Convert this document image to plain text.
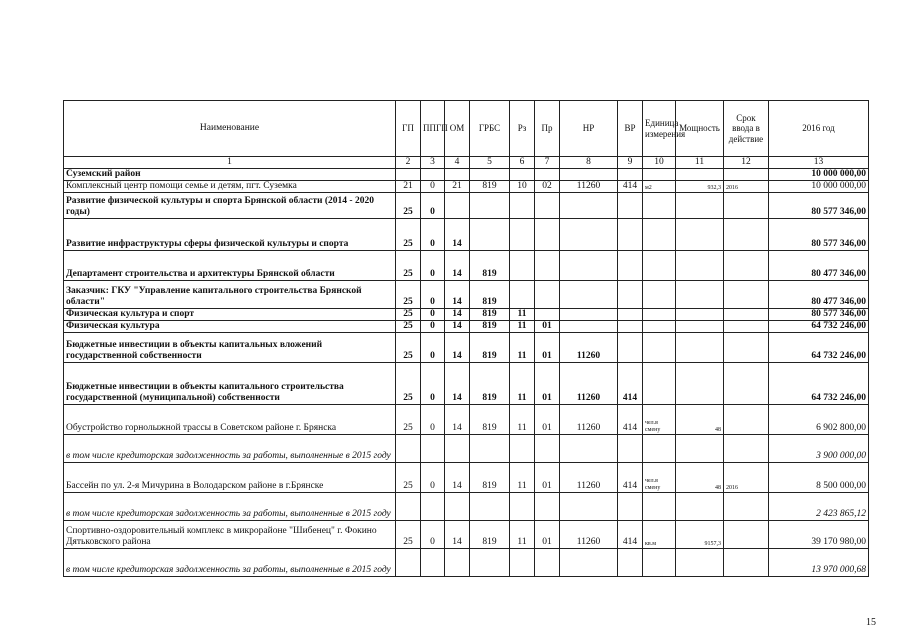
Наименование	ГП	ППГП	ОМ	ГРБС	Рз	Пр	НР	ВР	Единица измерения	Мощность	Срок ввода в действие	2016 год
1	2	3	4	5	6	7	8	9	10	11	12	13
Суземский район												10 000 000,00
Комплексный центр помощи семье и детям, пгт. Суземка	21	0	21	819	10	02	11260	414	м2	932,3	2016	10 000 000,00
Развитие физической культуры и спорта Брянской области (2014 - 2020 годы)	25	0										80 577 346,00
Развитие инфраструктуры сферы физической культуры и спорта	25	0	14									80 577 346,00
Департамент строительства и архитектуры Брянской области	25	0	14	819								80 477 346,00
Заказчик: ГКУ "Управление капитального строительства Брянской области"	25	0	14	819								80 477 346,00
Физическая культура и спорт	25	0	14	819	11							80 577 346,00
Физическая культура	25	0	14	819	11	01						64 732 246,00
Бюджетные инвестиции в объекты капитальных вложений государственной собственности	25	0	14	819	11	01	11260					64 732 246,00
Бюджетные инвестиции в объекты капитального строительства государственной (муниципальной) собственности	25	0	14	819	11	01	11260	414				64 732 246,00
Обустройство горнолыжной трассы в Советском районе г. Брянска	25	0	14	819	11	01	11260	414	чел.в смену	48		6 902 800,00
в том числе кредиторская задолженность за работы, выполненные в 2015 году												3 900 000,00
Бассейн по ул. 2-я Мичурина в Володарском районе в г.Брянске	25	0	14	819	11	01	11260	414	чел.в смену	48	2016	8 500 000,00
в том числе кредиторская задолженность за работы, выполненные в 2015 году												2 423 865,12
Спортивно-оздоровительный комплекс в микрорайоне "Шибенец" г. Фокино Дятьковского района	25	0	14	819	11	01	11260	414	кв.м	9157,3		39 170 980,00
в том числе кредиторская задолженность за работы, выполненные в 2015 году												13 970 000,68
15
